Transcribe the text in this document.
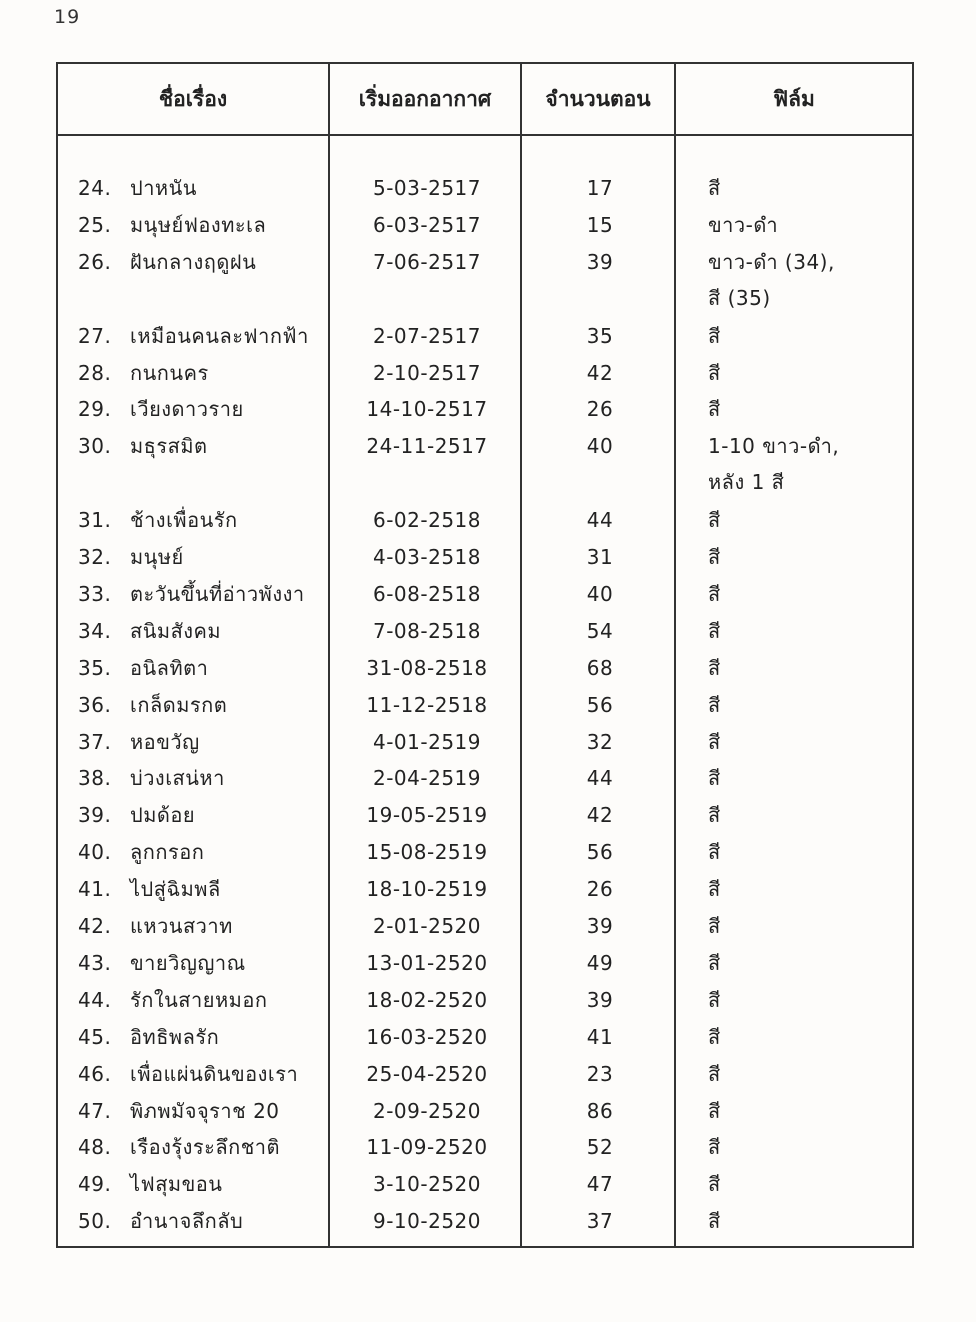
19
ชื่อเรื่อง	เริ่มออกอากาศ	จำนวนตอน	ฟิล์ม
24. ปาหนัน	5-03-2517	17	สี
25. มนุษย์ฟองทะเล	6-03-2517	15	ขาว-ดำ
26. ฝันกลางฤดูฝน	7-06-2517	39	ขาว-ดำ (34),
สี (35)
27. เหมือนคนละฟากฟ้า	2-07-2517	35	สี
28. กนกนคร	2-10-2517	42	สี
29. เวียงดาวราย	14-10-2517	26	สี
30. มธุรสมิต	24-11-2517	40	1-10 ขาว-ดำ,
หลัง 1 สี
31. ช้างเพื่อนรัก	6-02-2518	44	สี
32. มนุษย์	4-03-2518	31	สี
33. ตะวันขึ้นที่อ่าวพังงา	6-08-2518	40	สี
34. สนิมสังคม	7-08-2518	54	สี
35. อนิลทิตา	31-08-2518	68	สี
36. เกล็ดมรกต	11-12-2518	56	สี
37. หอขวัญ	4-01-2519	32	สี
38. บ่วงเสน่หา	2-04-2519	44	สี
39. ปมด้อย	19-05-2519	42	สี
40. ลูกกรอก	15-08-2519	56	สี
41. ไปสู่ฉิมพลี	18-10-2519	26	สี
42. แหวนสวาท	2-01-2520	39	สี
43. ขายวิญญาณ	13-01-2520	49	สี
44. รักในสายหมอก	18-02-2520	39	สี
45. อิทธิพลรัก	16-03-2520	41	สี
46. เพื่อแผ่นดินของเรา	25-04-2520	23	สี
47. พิภพมัจจุราช 20	2-09-2520	86	สี
48. เรืองรุ้งระลึกชาติ	11-09-2520	52	สี
49. ไฟสุมขอน	3-10-2520	47	สี
50. อำนาจลึกลับ	9-10-2520	37	สี
